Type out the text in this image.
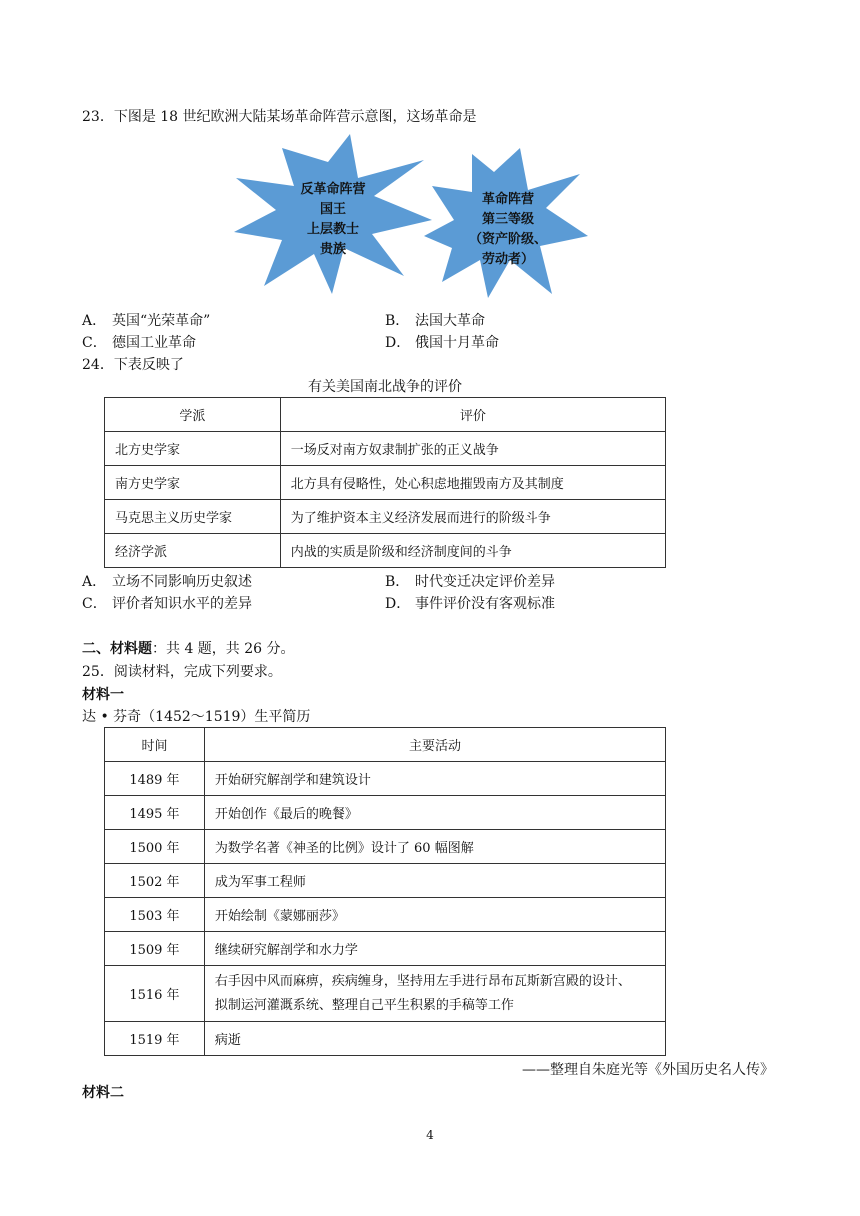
23．下图是 18 世纪欧洲大陆某场革命阵营示意图，这场革命是
反革命阵营
国王
上层教士
贵族
革命阵营
第三等级
（资产阶级、
劳动者）
A． 英国“光荣革命”	B． 法国大革命
C． 德国工业革命	D． 俄国十月革命
24．下表反映了
有关美国南北战争的评价
学派	评价
北方史学家	一场反对南方奴隶制扩张的正义战争
南方史学家	北方具有侵略性，处心积虑地摧毁南方及其制度
马克思主义历史学家	为了维护资本主义经济发展而进行的阶级斗争
经济学派	内战的实质是阶级和经济制度间的斗争
A． 立场不同影响历史叙述	B． 时代变迁决定评价差异
C． 评价者知识水平的差异	D． 事件评价没有客观标准
二、材料题：共 4 题，共 26 分。
25．阅读材料，完成下列要求。
材料一
达 • 芬奇（1452～1519）生平简历
时间	主要活动
1489 年	开始研究解剖学和建筑设计
1495 年	开始创作《最后的晚餐》
1500 年	为数学名著《神圣的比例》设计了 60 幅图解
1502 年	成为军事工程师
1503 年	开始绘制《蒙娜丽莎》
1509 年	继续研究解剖学和水力学
1516 年	右手因中风而麻痹，疾病缠身，坚持用左手进行昂布瓦斯新宫殿的设计、
拟制运河灌溉系统、整理自己平生积累的手稿等工作

1519 年	病逝
——整理自朱庭光等《外国历史名人传》
材料二
4
